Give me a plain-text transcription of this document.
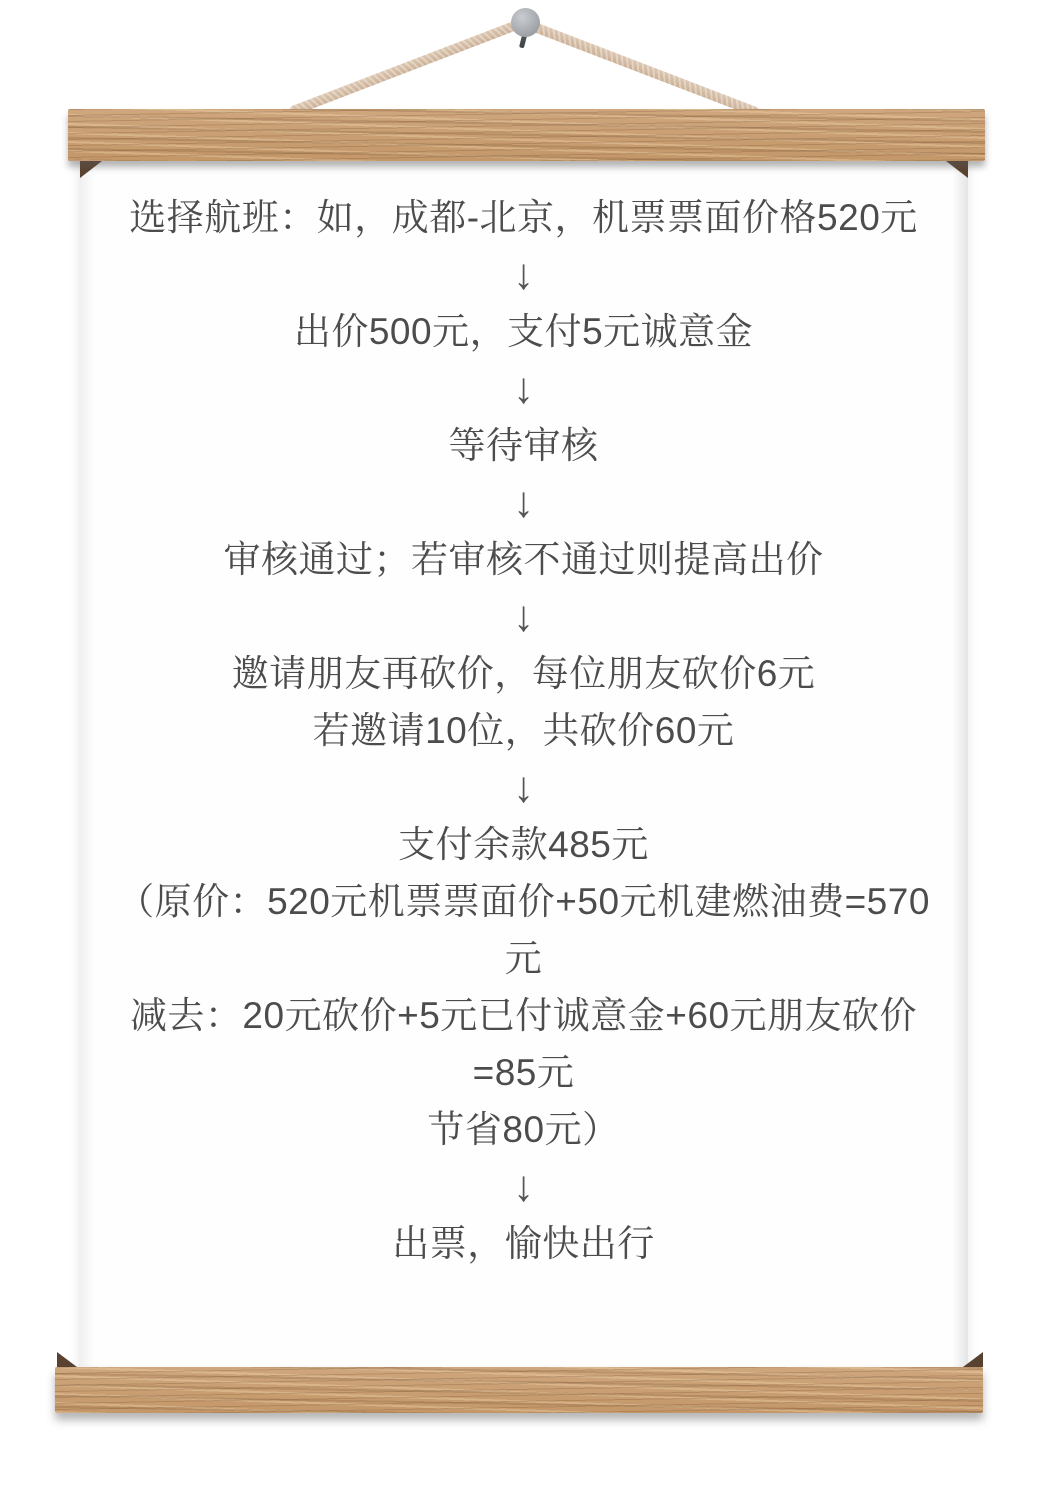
选择航班：如，成都-北京，机票票面价格520元
↓
出价500元，支付5元诚意金
↓
等待审核
↓
审核通过；若审核不通过则提高出价
↓
邀请朋友再砍价，每位朋友砍价6元
若邀请10位，共砍价60元
↓
支付余款485元
（原价：520元机票票面价+50元机建燃油费=570
元
减去：20元砍价+5元已付诚意金+60元朋友砍价
=85元
节省80元）
↓
出票，愉快出行
